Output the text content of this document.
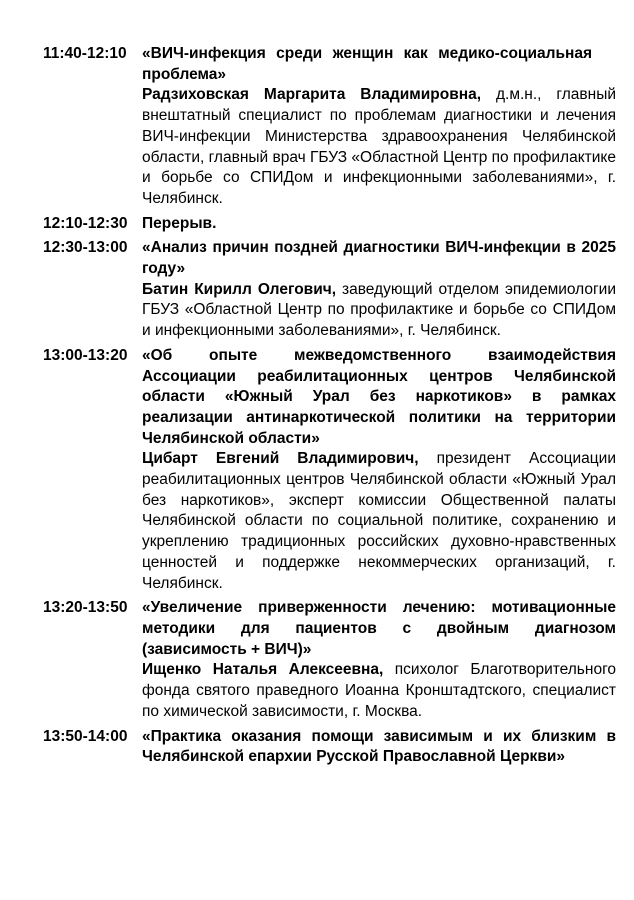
11:40-12:10 «ВИЧ-инфекция среди женщин как медико-социальная проблема»
Радзиховская Маргарита Владимировна, д.м.н., главный внештатный специалист по проблемам диагностики и лечения ВИЧ-инфекции Министерства здравоохранения Челябинской области, главный врач ГБУЗ «Областной Центр по профилактике и борьбе со СПИДом и инфекционными заболеваниями», г. Челябинск.
12:10-12:30 Перерыв.
12:30-13:00 «Анализ причин поздней диагностики ВИЧ-инфекции в 2025 году»
Батин Кирилл Олегович, заведующий отделом эпидемиологии ГБУЗ «Областной Центр по профилактике и борьбе со СПИДом и инфекционными заболеваниями», г. Челябинск.
13:00-13:20 «Об опыте межведомственного взаимодействия Ассоциации реабилитационных центров Челябинской области «Южный Урал без наркотиков» в рамках реализации антинаркотической политики на территории Челябинской области»
Цибарт Евгений Владимирович, президент Ассоциации реабилитационных центров Челябинской области «Южный Урал без наркотиков», эксперт комиссии Общественной палаты Челябинской области по социальной политике, сохранению и укреплению традиционных российских духовно-нравственных ценностей и поддержке некоммерческих организаций, г. Челябинск.
13:20-13:50 «Увеличение приверженности лечению: мотивационные методики для пациентов с двойным диагнозом (зависимость + ВИЧ)»
Ищенко Наталья Алексеевна, психолог Благотворительного фонда святого праведного Иоанна Кронштадтского, специалист по химической зависимости, г. Москва.
13:50-14:00 «Практика оказания помощи зависимым и их близким в Челябинской епархии Русской Православной Церкви»
